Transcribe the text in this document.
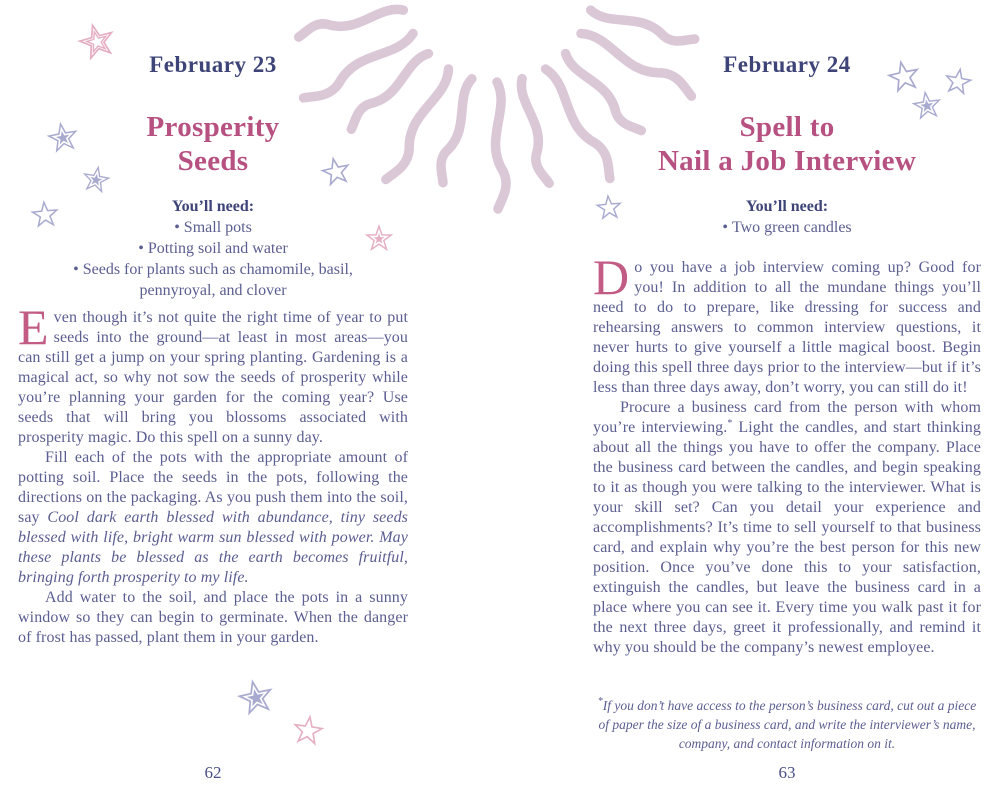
February 23
Prosperity
Seeds
You’ll need:
• Small pots
• Potting soil and water
• Seeds for plants such as chamomile, basil, pennyroyal, and clover

Even though it’s not quite the right time of year to put seeds into the ground—at least in most areas—you can still get a jump on your spring planting. Gardening is a magical act, so why not sow the seeds of prosperity while you’re planning your garden for the coming year? Use seeds that will bring you blossoms associated with prosperity magic. Do this spell on a sunny day.

Fill each of the pots with the appropriate amount of potting soil. Place the seeds in the pots, following the directions on the packaging. As you push them into the soil, say Cool dark earth blessed with abundance, tiny seeds blessed with life, bright warm sun blessed with power. May these plants be blessed as the earth becomes fruitful, bringing forth prosperity to my life.

Add water to the soil, and place the pots in a sunny window so they can begin to germinate. When the danger of frost has passed, plant them in your garden.

62
February 24
Spell to
Nail a Job Interview
You’ll need:
• Two green candles

Do you have a job interview coming up? Good for you! In addition to all the mundane things you’ll need to do to prepare, like dressing for success and rehearsing answers to common interview questions, it never hurts to give yourself a little magical boost. Begin doing this spell three days prior to the interview—but if it’s less than three days away, don’t worry, you can still do it!

Procure a business card from the person with whom you’re interviewing.* Light the candles, and start thinking about all the things you have to offer the company. Place the business card between the candles, and begin speaking to it as though you were talking to the interviewer. What is your skill set? Can you detail your experience and accomplishments? It’s time to sell yourself to that business card, and explain why you’re the best person for this new position. Once you’ve done this to your satisfaction, extinguish the candles, but leave the business card in a place where you can see it. Every time you walk past it for the next three days, greet it professionally, and remind it why you should be the company’s newest employee.

*If you don’t have access to the person’s business card, cut out a piece of paper the size of a business card, and write the interviewer’s name, company, and contact information on it.
63
